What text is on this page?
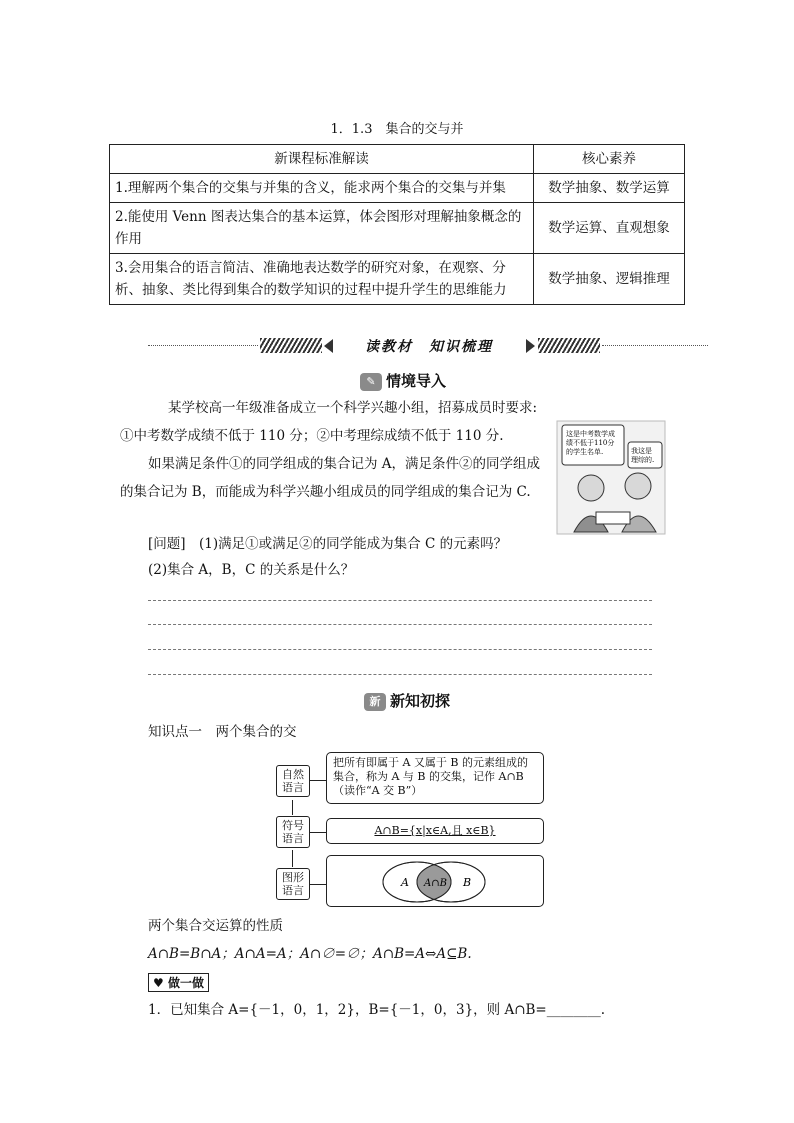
1．1.3　集合的交与并
新课程标准解读	核心素养
1.理解两个集合的交集与并集的含义，能求两个集合的交集与并集	数学抽象、数学运算
2.能使用 Venn 图表达集合的基本运算，体会图形对理解抽象概念的作用	数学运算、直观想象
3.会用集合的语言简洁、准确地表达数学的研究对象，在观察、分析、抽象、类比得到集合的数学知识的过程中提升学生的思维能力	数学抽象、逻辑推理
读教材　知识梳理
✎ 情境导入
某学校高一年级准备成立一个科学兴趣小组，招募成员时要求:
①中考数学成绩不低于 110 分；②中考理综成绩不低于 110 分.
如果满足条件①的同学组成的集合记为 A，满足条件②的同学组成的集合记为 B，而能成为科学兴趣小组成员的同学组成的集合记为 C.
这是中考数学成绩不低于110分的学生名单.	我这是理综的.
[问题]　(1)满足①或满足②的同学能成为集合 C 的元素吗？
(2)集合 A，B，C 的关系是什么？
新 新知初探
知识点一　两个集合的交
自然语言
符号语言
图形语言
把所有即属于 A 又属于 B 的元素组成的集合，称为 A 与 B 的交集，记作 A∩B（读作“A 交 B”）
A∩B={x|x∈A,且 x∈B}
A A∩B B
两个集合交运算的性质
A∩B=B∩A；A∩A=A；A∩∅=∅；A∩B=A⇔A⊆B.
♥ 做一做
1．已知集合 A={－1，0，1，2}，B={－1，0，3}，则 A∩B=________.
